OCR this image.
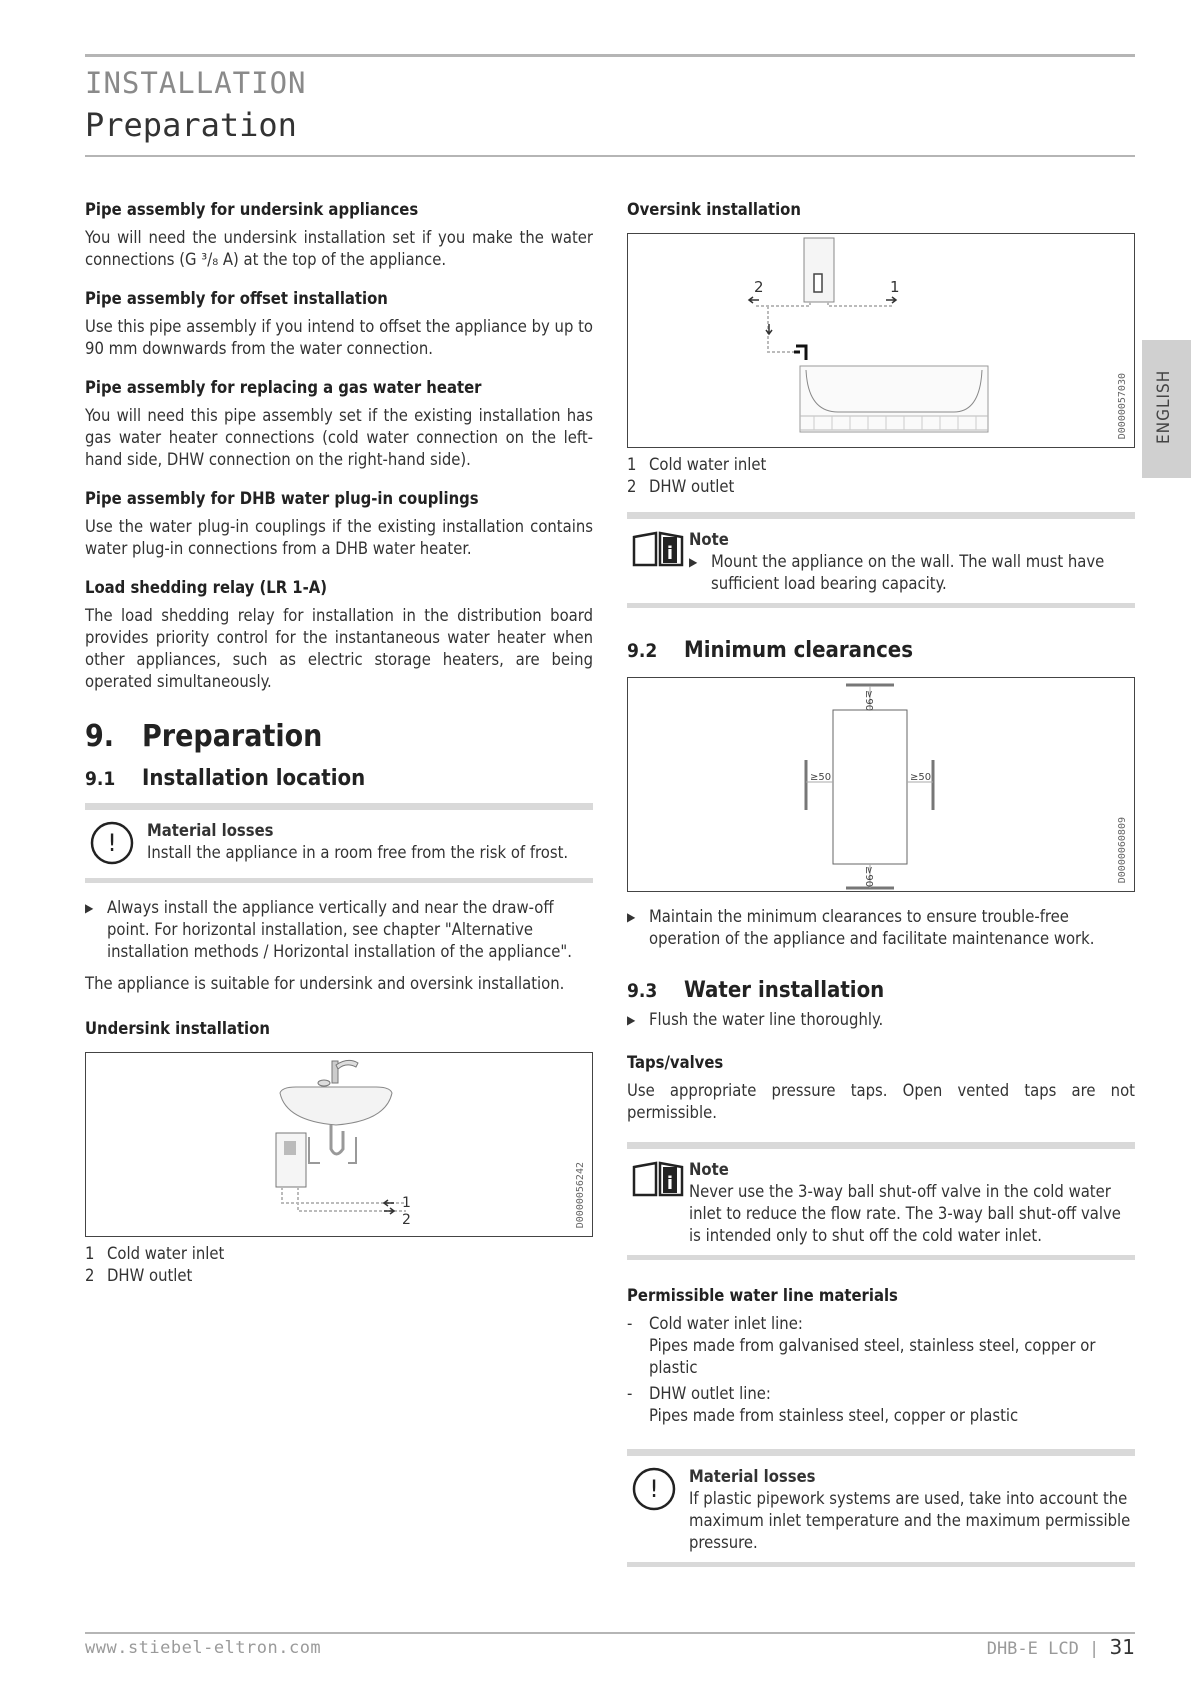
INSTALLATION
Preparation
ENGLISH
Pipe assembly for undersink appliances

You will need the undersink installation set if you make the water connections (G ³/₈ A) at the top of the appliance.

Pipe assembly for offset installation

Use this pipe assembly if you intend to offset the appliance by up to 90 mm downwards from the water connection.

Pipe assembly for replacing a gas water heater

You will need this pipe assembly set if the existing installation has gas water heater connections (cold water connection on the left-hand side, DHW connection on the right-hand side).

Pipe assembly for DHB water plug-in couplings

Use the water plug-in couplings if the existing installation contains water plug-in connections from a DHB water heater.

Load shedding relay (LR 1-A)

The load shedding relay for installation in the distribution board provides priority control for the instantaneous water heater when other appliances, such as electric storage heaters, are being operated simultaneously.

9. Preparation
9.1 Installation location
! Material losses
Install the appliance in a room free from the risk of frost.
▶ Always install the appliance vertically and near the draw-off point. For horizontal installation, see chapter "Alternative installation methods / Horizontal installation of the appliance".

The appliance is suitable for undersink and oversink installation.

Undersink installation
1
2	D0000056242
1 Cold water inlet
2 DHW outlet
Oversink installation
2	1
D0000057030
1 Cold water inlet
2 DHW outlet
i
Note
▶ Mount the appliance on the wall. The wall must have sufficient load bearing capacity.
9.2 Minimum clearances
≥90
≥90
≥50	≥50
D0000060809
▶ Maintain the minimum clearances to ensure trouble-free operation of the appliance and facilitate maintenance work.
9.3 Water installation
▶ Flush the water line thoroughly.
Taps/valves

Use appropriate pressure taps. Open vented taps are not permissible.

i
Note
Never use the 3-way ball shut-off valve in the cold water inlet to reduce the flow rate. The 3-way ball shut-off valve is intended only to shut off the cold water inlet.
Permissible water line materials
-	Cold water inlet line:
Pipes made from galvanised steel, stainless steel, copper or plastic
-	DHW outlet line:
Pipes made from stainless steel, copper or plastic
! Material losses
If plastic pipework systems are used, take into account the maximum inlet temperature and the maximum permissible pressure.
www.stiebel-eltron.com	DHB-E LCD | 31
